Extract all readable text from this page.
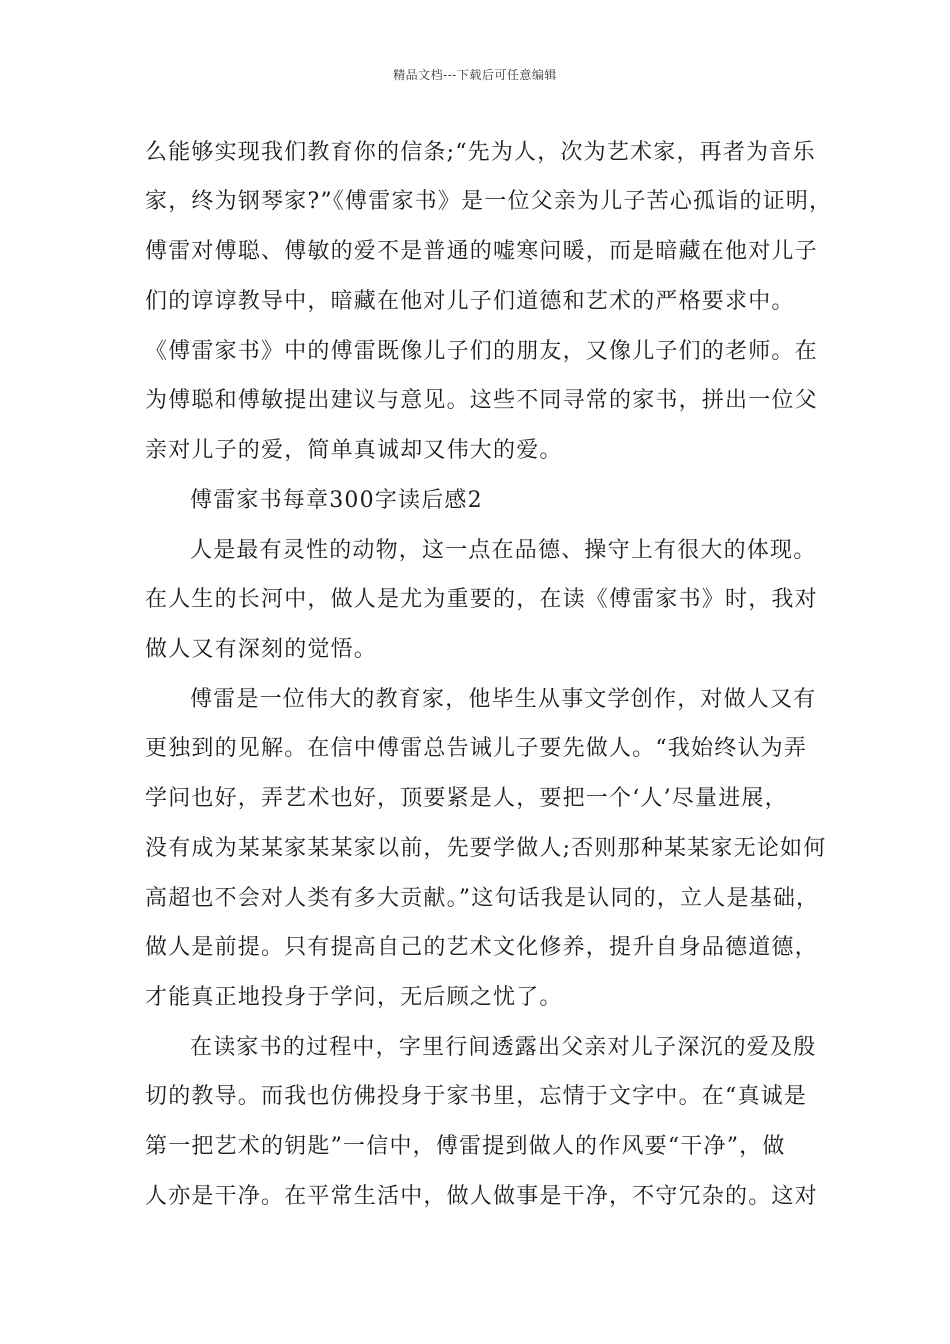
精品文档---下载后可任意编辑
么能够实现我们教育你的信条;“先为人，次为艺术家，再者为音乐
家，终为钢琴家?”《傅雷家书》是一位父亲为儿子苦心孤诣的证明，
傅雷对傅聪、傅敏的爱不是普通的嘘寒问暖，而是暗藏在他对儿子
们的谆谆教导中，暗藏在他对儿子们道德和艺术的严格要求中。
《傅雷家书》中的傅雷既像儿子们的朋友，又像儿子们的老师。在
为傅聪和傅敏提出建议与意见。这些不同寻常的家书，拼出一位父
亲对儿子的爱，简单真诚却又伟大的爱。
傅雷家书每章300字读后感2
人是最有灵性的动物，这一点在品德、操守上有很大的体现。
在人生的长河中，做人是尤为重要的，在读《傅雷家书》时，我对
做人又有深刻的觉悟。
傅雷是一位伟大的教育家，他毕生从事文学创作，对做人又有
更独到的见解。在信中傅雷总告诫儿子要先做人。“我始终认为弄
学问也好，弄艺术也好，顶要紧是人，要把一个‘人’尽量进展，
没有成为某某家某某家以前，先要学做人;否则那种某某家无论如何
高超也不会对人类有多大贡献。”这句话我是认同的，立人是基础，
做人是前提。只有提高自己的艺术文化修养，提升自身品德道德，
才能真正地投身于学问，无后顾之忧了。
在读家书的过程中，字里行间透露出父亲对儿子深沉的爱及殷
切的教导。而我也仿佛投身于家书里，忘情于文字中。在“真诚是
第一把艺术的钥匙”一信中，傅雷提到做人的作风要“干净”，做
人亦是干净。在平常生活中，做人做事是干净，不守冗杂的。这对
